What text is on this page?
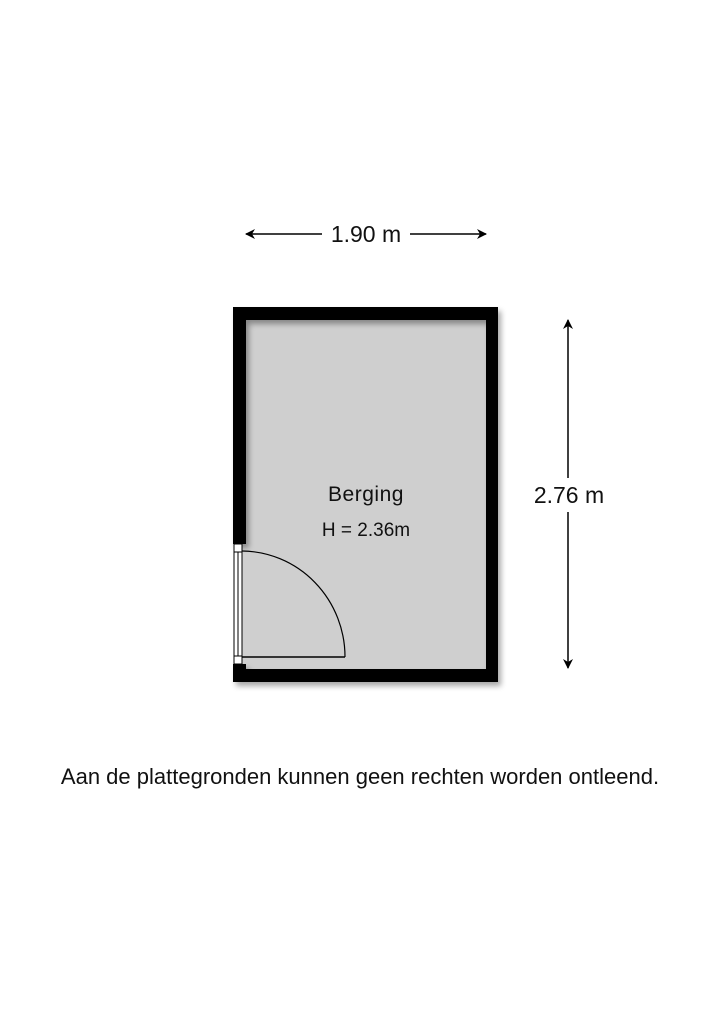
1.90 m
2.76 m
Berging
H = 2.36m
Aan de plattegronden kunnen geen rechten worden ontleend.
